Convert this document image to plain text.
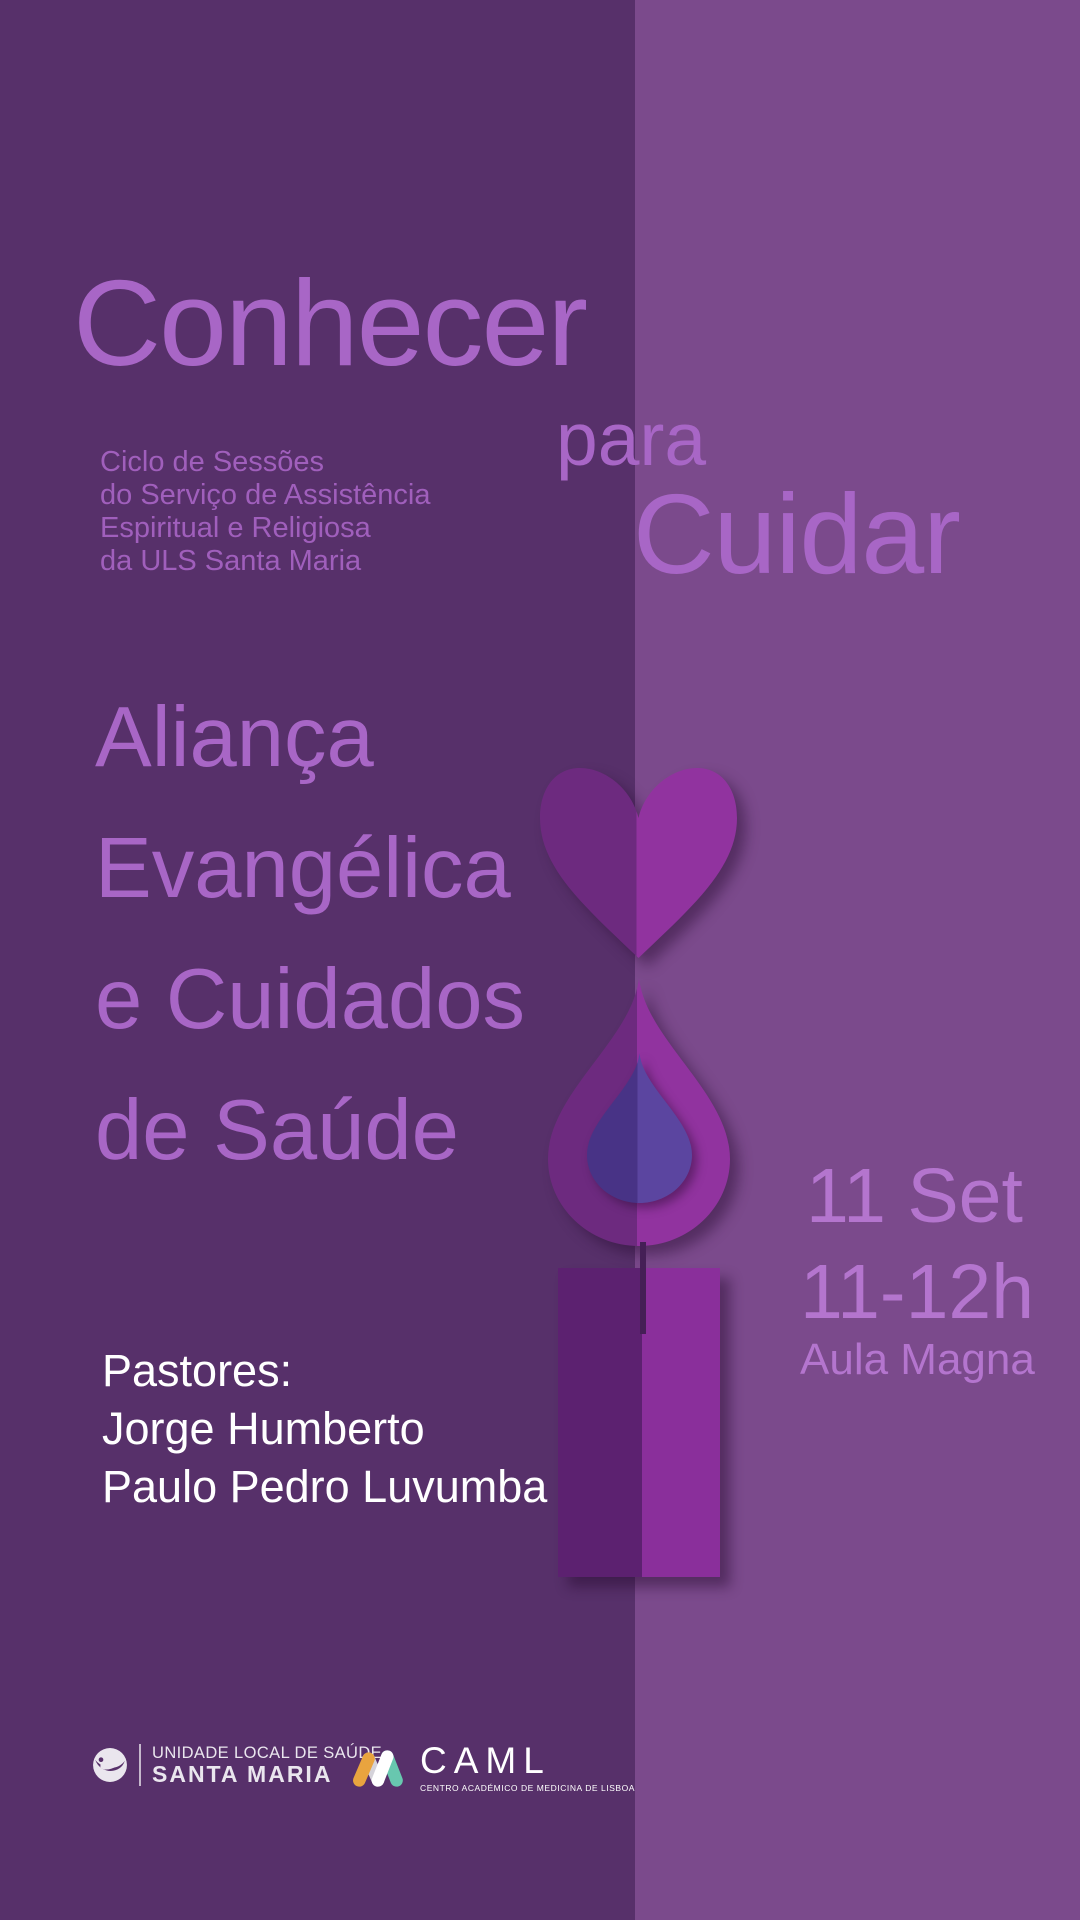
Conhecer
para
Cuidar
Ciclo de Sessões
do Serviço de Assistência
Espiritual e Religiosa
da ULS Santa Maria
Aliança
Evangélica
e Cuidados
de Saúde
11 Set
11-12h
Aula Magna
Pastores:
Jorge Humberto
Paulo Pedro Luvumba
UNIDADE LOCAL DE SAÚDE
SANTA MARIA	CAML
CENTRO ACADÉMICO DE MEDICINA DE LISBOA
